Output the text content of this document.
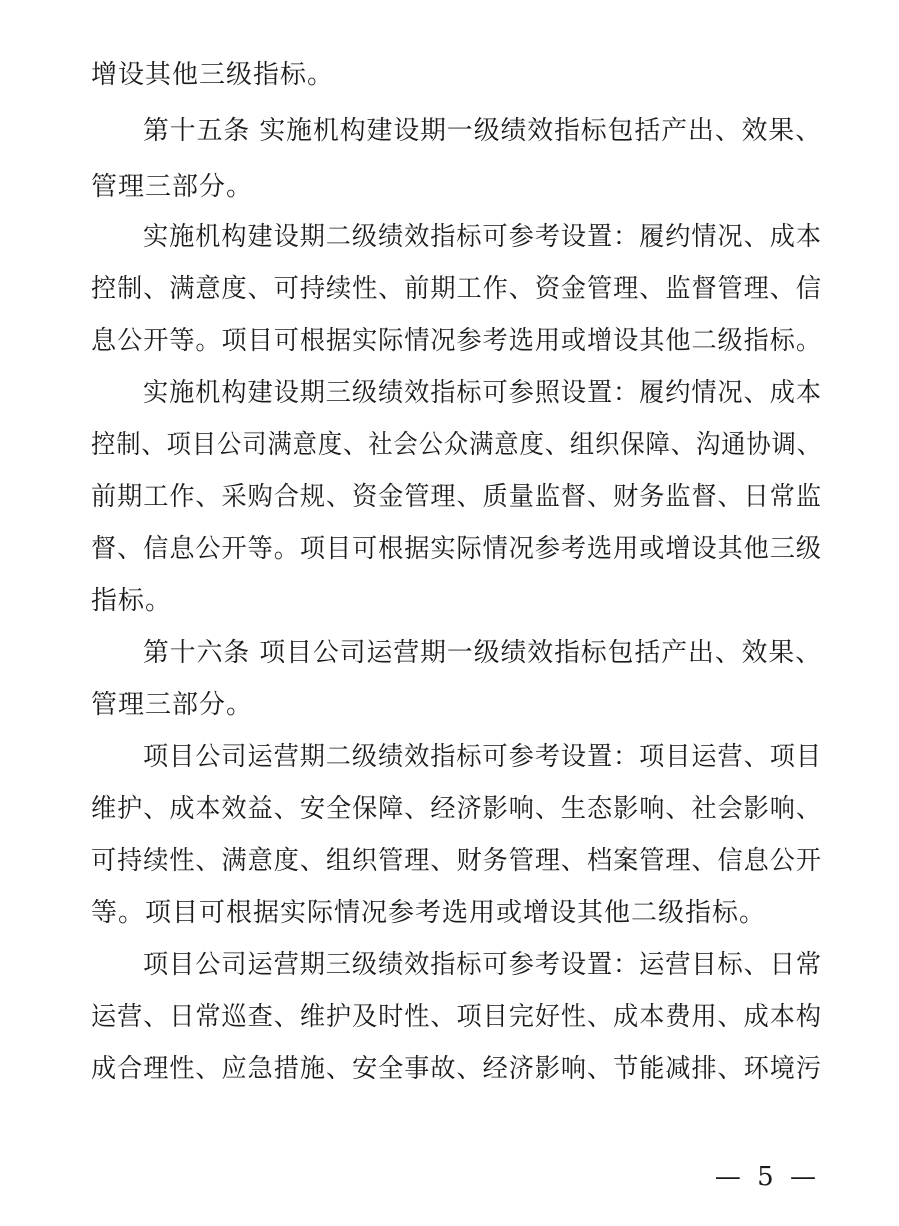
增设其他三级指标。
第十五条 实施机构建设期一级绩效指标包括产出、效果、
管理三部分。
实施机构建设期二级绩效指标可参考设置：履约情况、成本
控制、满意度、可持续性、前期工作、资金管理、监督管理、信
息公开等。项目可根据实际情况参考选用或增设其他二级指标。
实施机构建设期三级绩效指标可参照设置：履约情况、成本
控制、项目公司满意度、社会公众满意度、组织保障、沟通协调、
前期工作、采购合规、资金管理、质量监督、财务监督、日常监
督、信息公开等。项目可根据实际情况参考选用或增设其他三级
指标。
第十六条 项目公司运营期一级绩效指标包括产出、效果、
管理三部分。
项目公司运营期二级绩效指标可参考设置：项目运营、项目
维护、成本效益、安全保障、经济影响、生态影响、社会影响、
可持续性、满意度、组织管理、财务管理、档案管理、信息公开
等。项目可根据实际情况参考选用或增设其他二级指标。
项目公司运营期三级绩效指标可参考设置：运营目标、日常
运营、日常巡查、维护及时性、项目完好性、成本费用、成本构
成合理性、应急措施、安全事故、经济影响、节能减排、环境污
— 5 —
